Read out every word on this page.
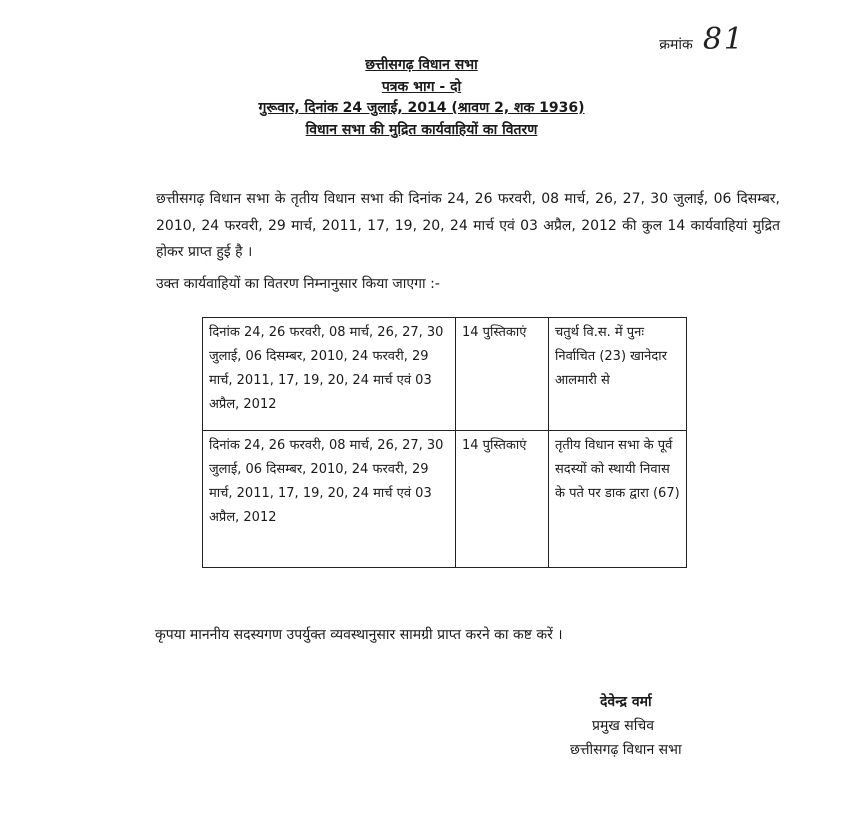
क्रमांक 81
छत्तीसगढ़ विधान सभा
पत्रक भाग - दो
गुरूवार, दिनांक 24 जुलाई, 2014 (श्रावण 2, शक 1936)
विधान सभा की मुद्रित कार्यवाहियों का वितरण
छत्तीसगढ़ विधान सभा के तृतीय विधान सभा की दिनांक 24, 26 फरवरी, 08 मार्च, 26, 27, 30 जुलाई, 06 दिसम्बर, 2010, 24 फरवरी, 29 मार्च, 2011, 17, 19, 20, 24 मार्च एवं 03 अप्रैल, 2012 की कुल 14 कार्यवाहियां मुद्रित होकर प्राप्त हुई है ।
उक्त कार्यवाहियों का वितरण निम्नानुसार किया जाएगा :-
दिनांक 24, 26 फरवरी, 08 मार्च, 26, 27, 30 जुलाई, 06 दिसम्बर, 2010, 24 फरवरी, 29 मार्च, 2011, 17, 19, 20, 24 मार्च एवं 03 अप्रैल, 2012	14 पुस्तिकाएं	चतुर्थ वि.स. में पुनः निर्वाचित (23) खानेदार आलमारी से
दिनांक 24, 26 फरवरी, 08 मार्च, 26, 27, 30 जुलाई, 06 दिसम्बर, 2010, 24 फरवरी, 29 मार्च, 2011, 17, 19, 20, 24 मार्च एवं 03 अप्रैल, 2012	14 पुस्तिकाएं	तृतीय विधान सभा के पूर्व सदस्यों को स्थायी निवास के पते पर डाक द्वारा (67)
कृपया माननीय सदस्यगण उपर्युक्त व्यवस्थानुसार सामग्री प्राप्त करने का कष्ट करें ।
देवेन्द्र वर्मा
प्रमुख सचिव
छत्तीसगढ़ विधान सभा
